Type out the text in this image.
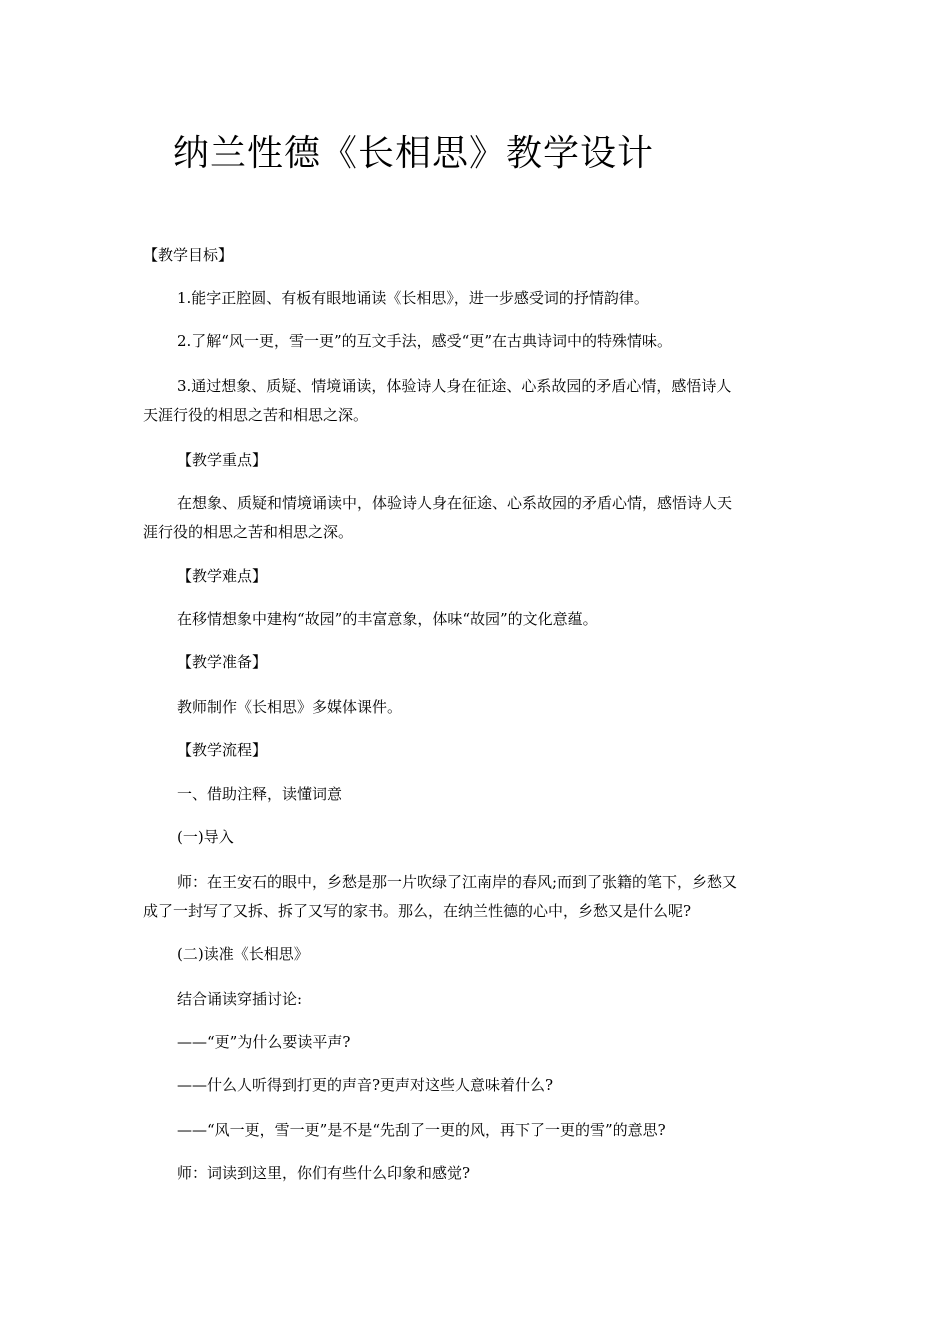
纳兰性德《长相思》教学设计

【教学目标】

1.能字正腔圆、有板有眼地诵读《长相思》，进一步感受词的抒情韵律。

2.了解“风一更，雪一更”的互文手法，感受“更”在古典诗词中的特殊情味。

3.通过想象、质疑、情境诵读，体验诗人身在征途、心系故园的矛盾心情，感悟诗人

天涯行役的相思之苦和相思之深。

【教学重点】

在想象、质疑和情境诵读中，体验诗人身在征途、心系故园的矛盾心情，感悟诗人天

涯行役的相思之苦和相思之深。

【教学难点】

在移情想象中建构“故园”的丰富意象，体味“故园”的文化意蕴。

【教学准备】

教师制作《长相思》多媒体课件。

【教学流程】

一、借助注释，读懂词意

(一)导入

师：在王安石的眼中，乡愁是那一片吹绿了江南岸的春风;而到了张籍的笔下，乡愁又

成了一封写了又拆、拆了又写的家书。那么，在纳兰性德的心中，乡愁又是什么呢?

(二)读准《长相思》

结合诵读穿插讨论:

——“更”为什么要读平声?

——什么人听得到打更的声音?更声对这些人意味着什么?

——“风一更，雪一更”是不是“先刮了一更的风，再下了一更的雪”的意思?

师：词读到这里，你们有些什么印象和感觉?
